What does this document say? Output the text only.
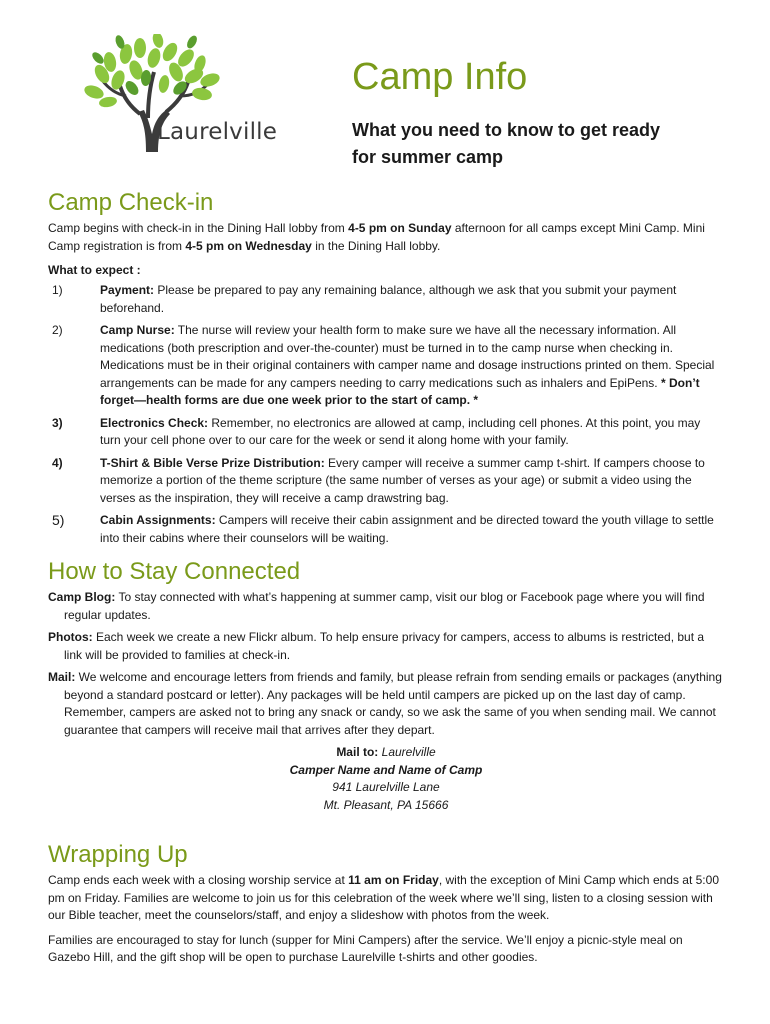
Laurelville
Camp Info

What you need to know to get ready for summer camp

Camp Check-in

Camp begins with check-in in the Dining Hall lobby from 4-5 pm on Sunday afternoon for all camps except Mini Camp. Mini Camp registration is from 4-5 pm on Wednesday in the Dining Hall lobby.

What to expect :
1)	Payment: Please be prepared to pay any remaining balance, although we ask that you submit your payment beforehand.
2)	Camp Nurse: The nurse will review your health form to make sure we have all the necessary information. All medications (both prescription and over-the-counter) must be turned in to the camp nurse when checking in. Medications must be in their original containers with camper name and dosage instructions printed on them. Special arrangements can be made for any campers needing to carry medications such as inhalers and EpiPens. * Don’t forget—health forms are due one week prior to the start of camp. *
3)	Electronics Check: Remember, no electronics are allowed at camp, including cell phones. At this point, you may turn your cell phone over to our care for the week or send it along home with your family.
4)	T-Shirt & Bible Verse Prize Distribution: Every camper will receive a summer camp t-shirt. If campers choose to memorize a portion of the theme scripture (the same number of verses as your age) or submit a video using the verses as the inspiration, they will receive a camp drawstring bag.
5)	Cabin Assignments: Campers will receive their cabin assignment and be directed toward the youth village to settle into their cabins where their counselors will be waiting.
How to Stay Connected

Camp Blog: To stay connected with what’s happening at summer camp, visit our blog or Facebook page where you will find regular updates.

Photos: Each week we create a new Flickr album. To help ensure privacy for campers, access to albums is restricted, but a link will be provided to families at check-in.

Mail: We welcome and encourage letters from friends and family, but please refrain from sending emails or packages (anything beyond a standard postcard or letter). Any packages will be held until campers are picked up on the last day of camp. Remember, campers are asked not to bring any snack or candy, so we ask the same of you when sending mail. We cannot guarantee that campers will receive mail that arrives after they depart.

Mail to: Laurelville
Camper Name and Name of Camp
941 Laurelville Lane
Mt. Pleasant, PA 15666
Wrapping Up

Camp ends each week with a closing worship service at 11 am on Friday, with the exception of Mini Camp which ends at 5:00 pm on Friday. Families are welcome to join us for this celebration of the week where we’ll sing, listen to a closing session with our Bible teacher, meet the counselors/staff, and enjoy a slideshow with photos from the week.

Families are encouraged to stay for lunch (supper for Mini Campers) after the service. We’ll enjoy a picnic-style meal on Gazebo Hill, and the gift shop will be open to purchase Laurelville t-shirts and other goodies.
